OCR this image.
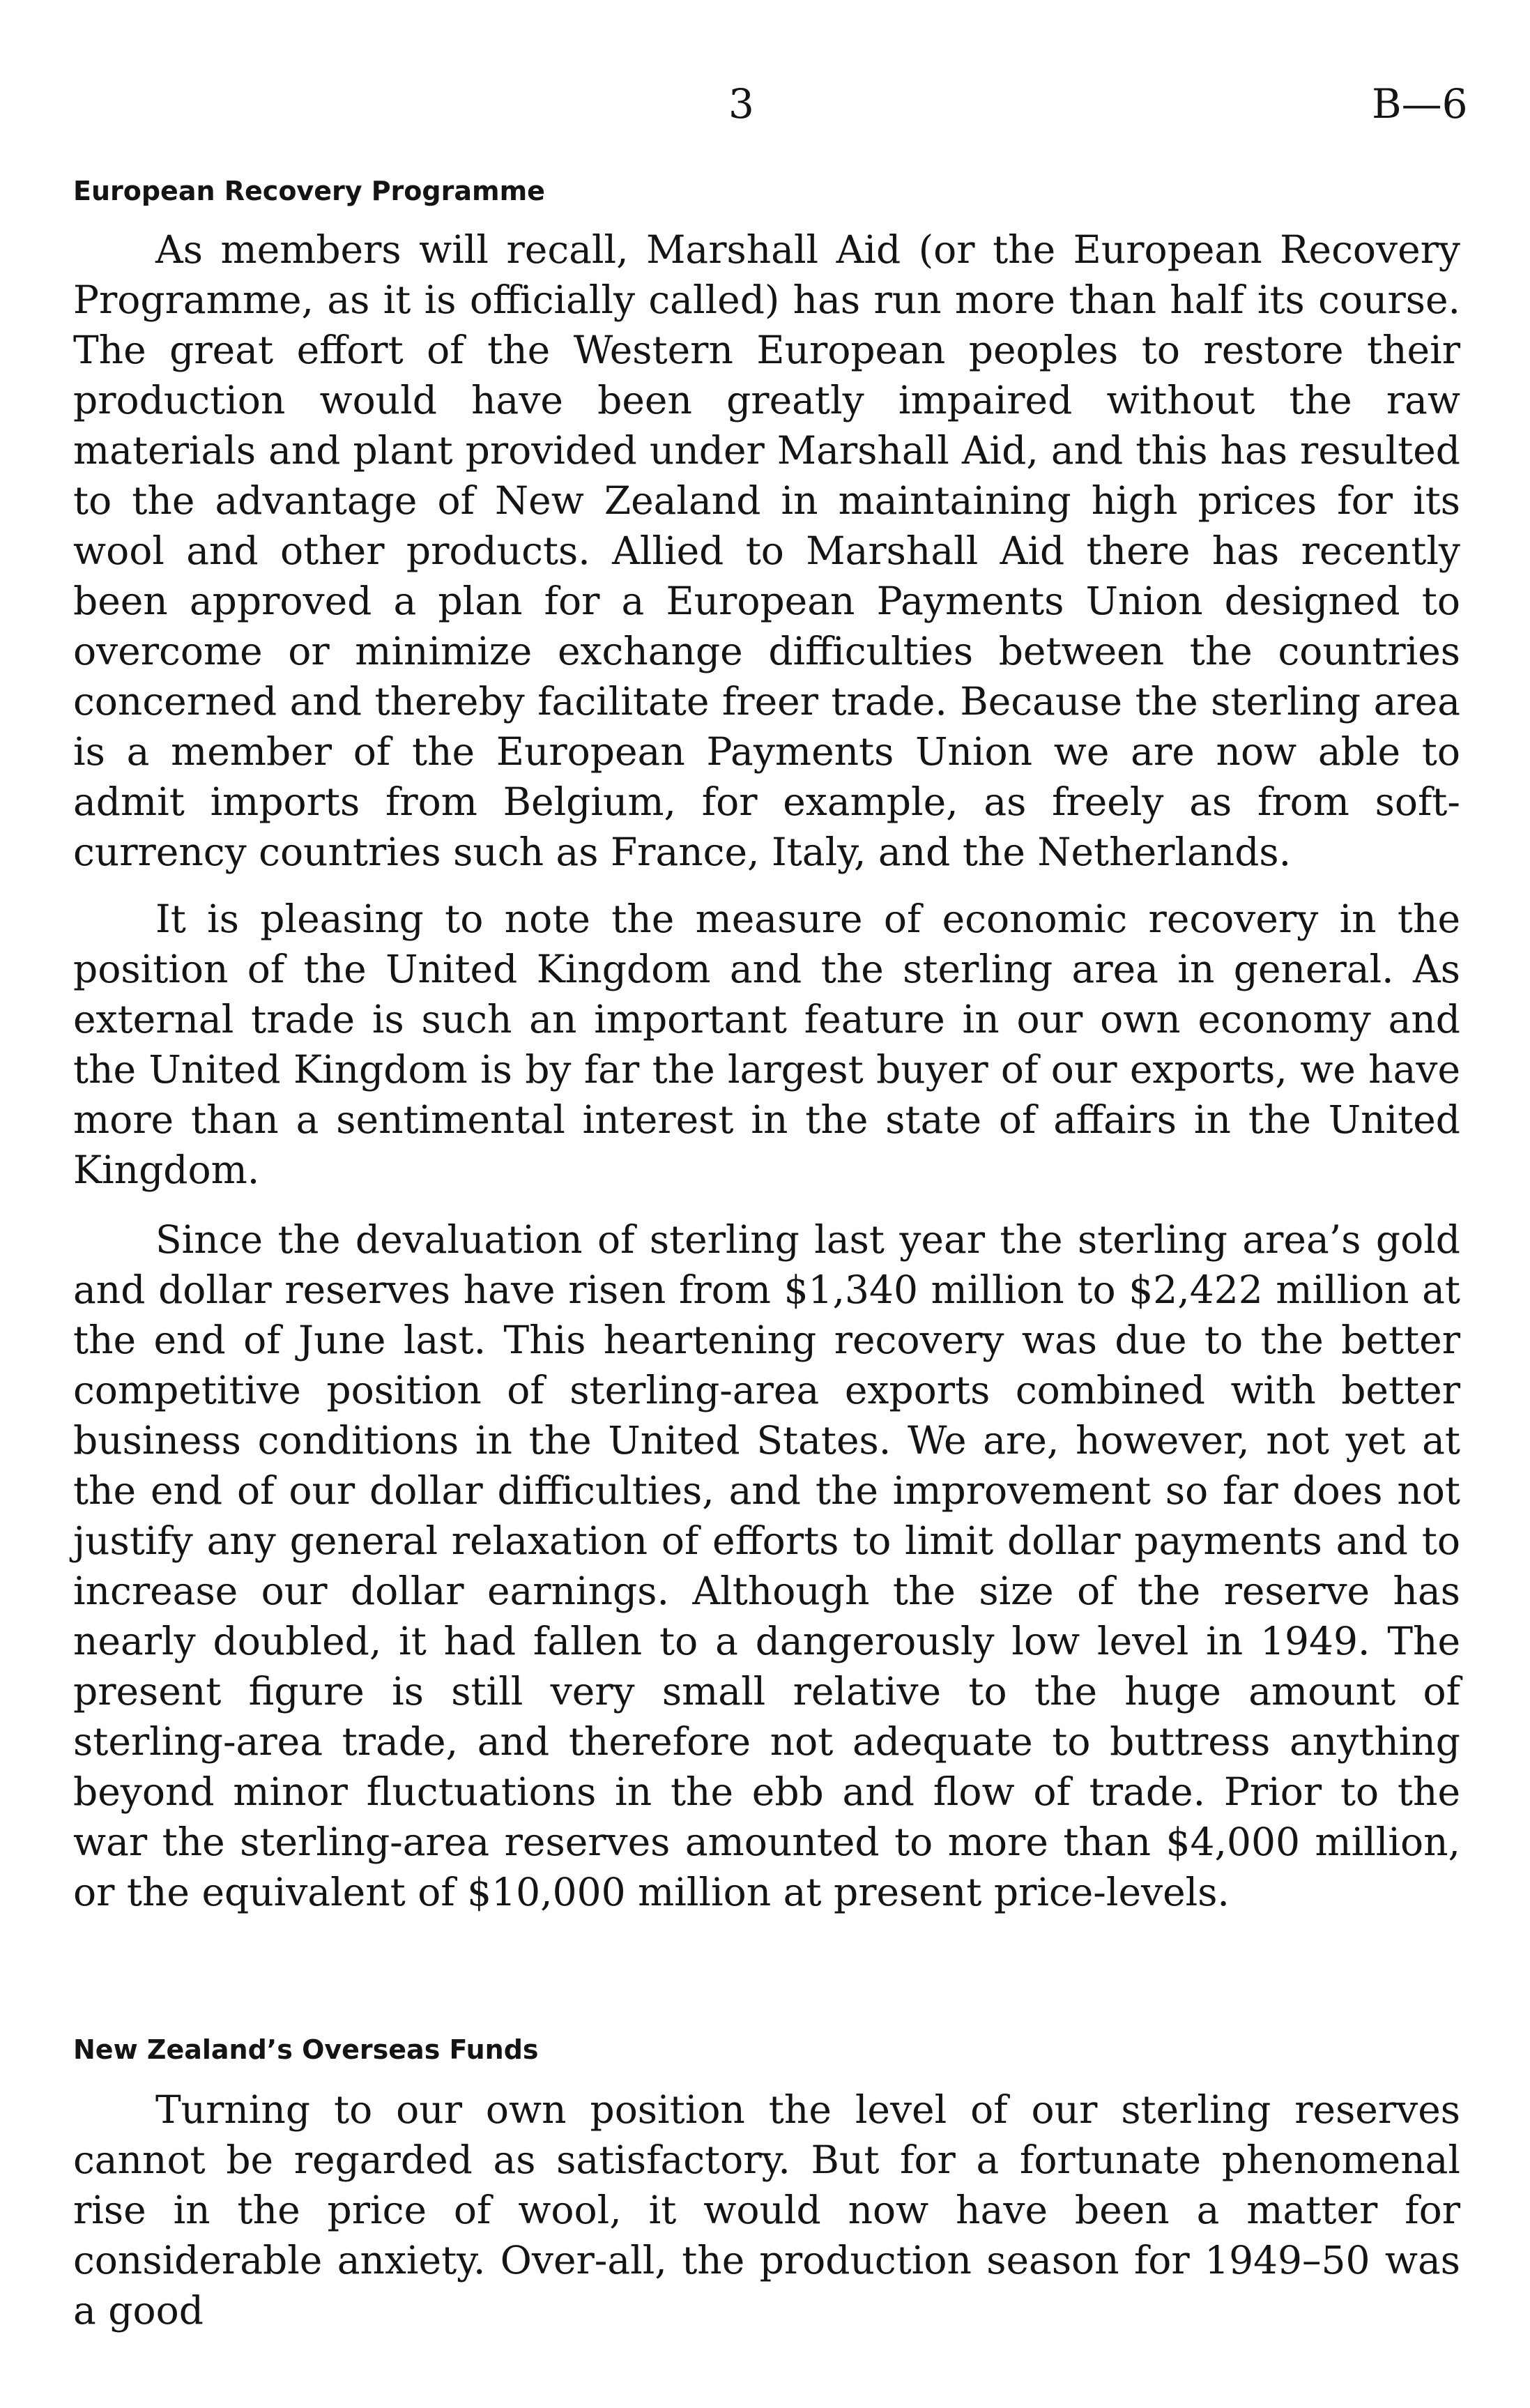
3	B—6
European Recovery Programme

As members will recall, Marshall Aid (or the European Recovery Programme, as it is officially called) has run more than half its course. The great effort of the Western European peoples to restore their production would have been greatly impaired without the raw materials and plant provided under Marshall Aid, and this has resulted to the advantage of New Zealand in maintaining high prices for its wool and other products. Allied to Marshall Aid there has recently been approved a plan for a European Payments Union designed to overcome or minimize exchange difficulties between the countries concerned and thereby facilitate freer trade. Because the sterling area is a member of the European Payments Union we are now able to admit imports from Belgium, for example, as freely as from soft-currency countries such as France, Italy, and the Netherlands.

It is pleasing to note the measure of economic recovery in the position of the United Kingdom and the sterling area in general. As external trade is such an important feature in our own economy and the United Kingdom is by far the largest buyer of our exports, we have more than a sentimental interest in the state of affairs in the United Kingdom.

Since the devaluation of sterling last year the sterling area’s gold and dollar reserves have risen from $1,340 million to $2,422 million at the end of June last. This heartening recovery was due to the better competitive position of sterling-area exports combined with better business conditions in the United States. We are, however, not yet at the end of our dollar difficulties, and the improvement so far does not justify any general relaxation of efforts to limit dollar payments and to increase our dollar earnings. Although the size of the reserve has nearly doubled, it had fallen to a dangerously low level in 1949. The present figure is still very small relative to the huge amount of sterling-area trade, and therefore not adequate to buttress anything beyond minor fluctuations in the ebb and flow of trade. Prior to the war the sterling-area reserves amounted to more than $4,000 million, or the equivalent of $10,000 million at present price-levels.

New Zealand’s Overseas Funds

Turning to our own position the level of our sterling reserves cannot be regarded as satisfactory. But for a fortunate phenomenal rise in the price of wool, it would now have been a matter for considerable anxiety. Over-all, the production season for 1949–50 was a good
